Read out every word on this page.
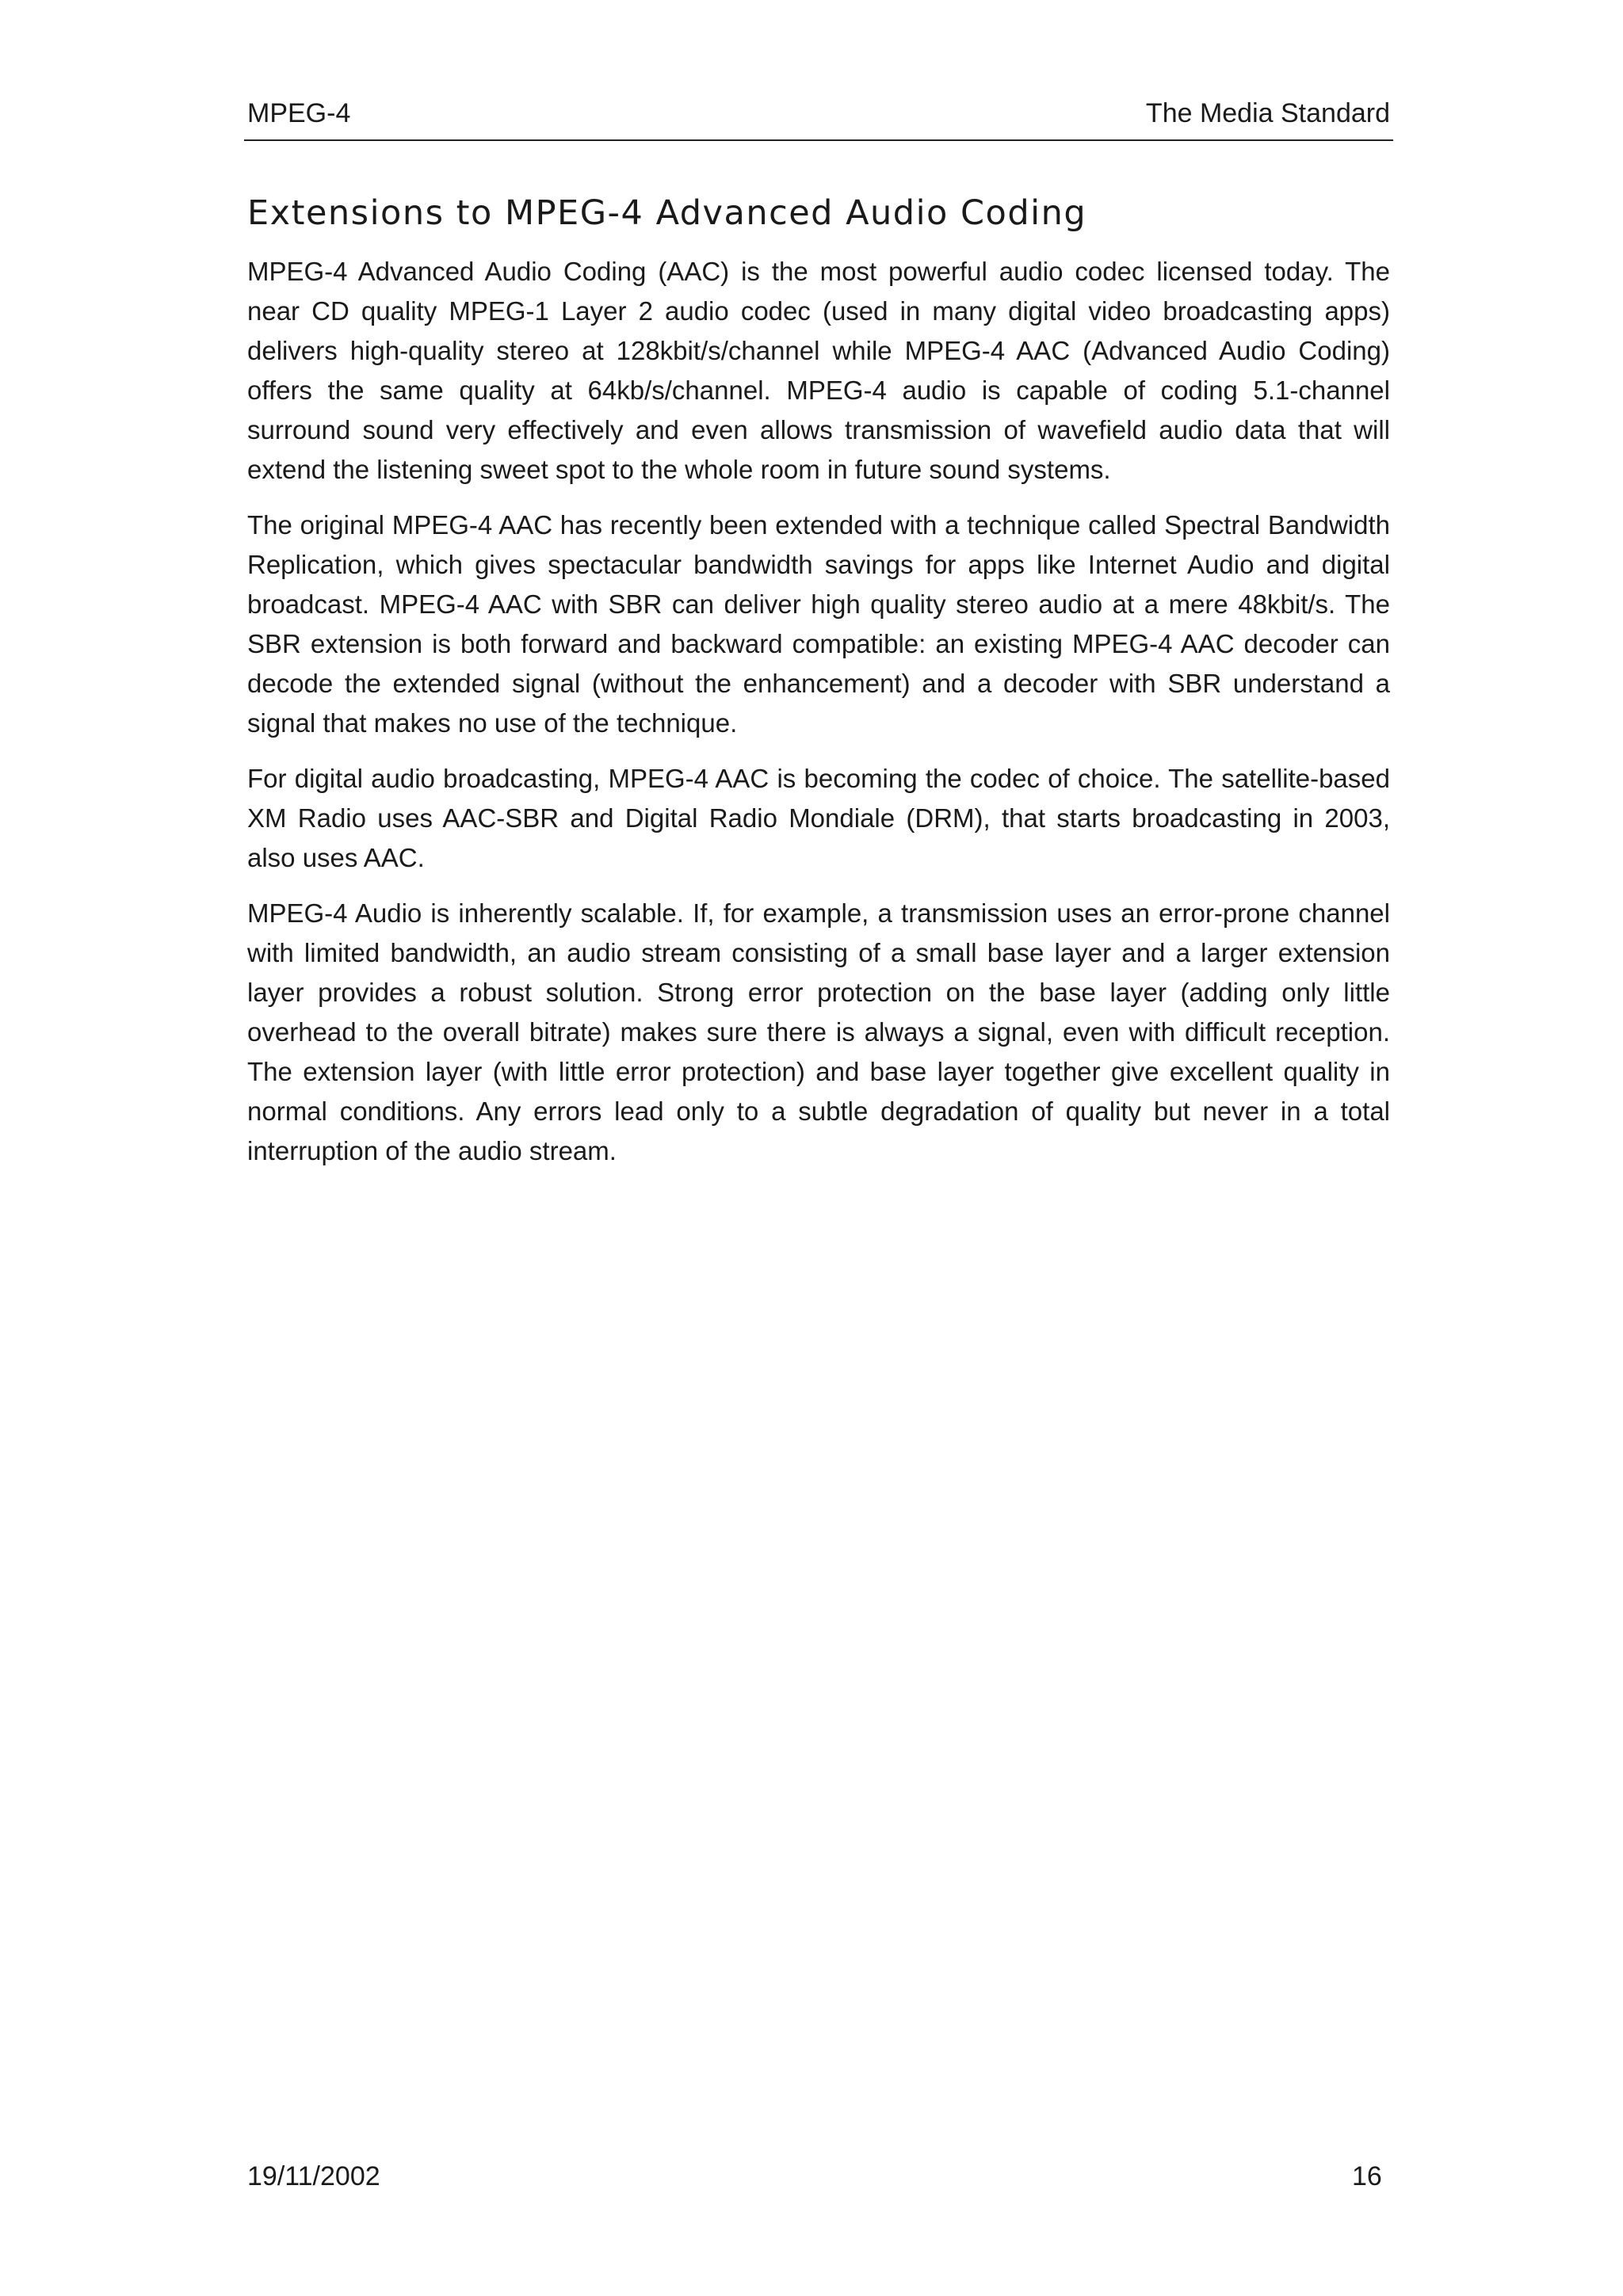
MPEG-4	The Media Standard
Extensions to MPEG-4 Advanced Audio Coding

MPEG-4 Advanced Audio Coding (AAC) is the most powerful audio codec licensed today. The near CD quality MPEG-1 Layer 2 audio codec (used in many digital video broadcasting apps) delivers high-quality stereo at 128kbit/s/channel while MPEG-4 AAC (Advanced Audio Coding) offers the same quality at 64kb/s/channel. MPEG-4 audio is capable of coding 5.1-channel surround sound very effectively and even allows transmission of wavefield audio data that will extend the listening sweet spot to the whole room in future sound systems.

The original MPEG-4 AAC has recently been extended with a technique called Spectral Bandwidth Replication, which gives spectacular bandwidth savings for apps like Internet Audio and digital broadcast. MPEG-4 AAC with SBR can deliver high quality stereo audio at a mere 48kbit/s. The SBR extension is both forward and backward compatible: an existing MPEG-4 AAC decoder can decode the extended signal (without the enhancement) and a decoder with SBR understand a signal that makes no use of the technique.

For digital audio broadcasting, MPEG-4 AAC is becoming the codec of choice. The satellite-based XM Radio uses AAC-SBR and Digital Radio Mondiale (DRM), that starts broadcasting in 2003, also uses AAC.

MPEG-4 Audio is inherently scalable. If, for example, a transmission uses an error-prone channel with limited bandwidth, an audio stream consisting of a small base layer and a larger extension layer provides a robust solution. Strong error protection on the base layer (adding only little overhead to the overall bitrate) makes sure there is always a signal, even with difficult reception. The extension layer (with little error protection) and base layer together give excellent quality in normal conditions. Any errors lead only to a subtle degradation of quality but never in a total interruption of the audio stream.

19/11/2002	16
